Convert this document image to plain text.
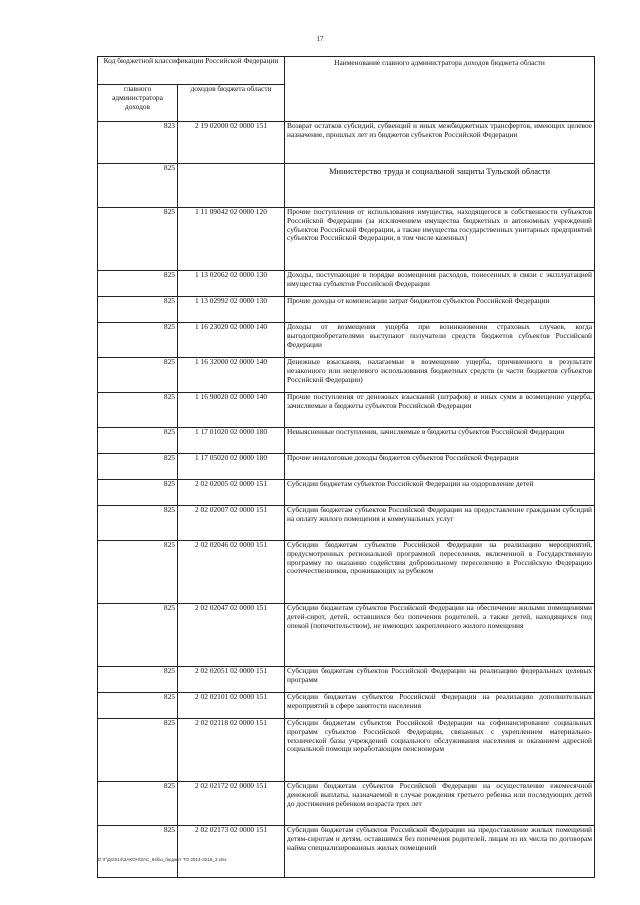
17
Код бюджетной классификации Российской Федерации		Наименование главного администратора доходов бюджета области
главного администратора доходов	доходов бюджета области	
823	2 19 02000 02 0000 151	Возврат остатков субсидий, субвенций и иных межбюджетных трансфертов, имеющих целевое назначение, прошлых лет из бюджетов субъектов Российской Федерации
825		Министерство труда и социальной защиты Тульской области
825	1 11 09042 02 0000 120	Прочие поступления от использования имущества, находящегося в собственности субъектов Российской Федерации (за исключением имущества бюджетных и автономных учреждений субъектов Российской Федерации, а также имущества государственных унитарных предприятий субъектов Российской Федерации, в том числе казенных)
825	1 13 02062 02 0000 130	Доходы, поступающие в порядке возмещения расходов, понесенных в связи с эксплуатацией имущества субъектов Российской Федерации
825	1 13 02992 02 0000 130	Прочие доходы от компенсации затрат бюджетов субъектов Российской Федерации
825	1 16 23020 02 0000 140	Доходы от возмещения ущерба при возникновении страховых случаев, когда выгодоприобретателями выступают получатели средств бюджетов субъектов Российской Федерации
825	1 16 32000 02 0000 140	Денежные взыскания, налагаемые в возмещение ущерба, причиненного в результате незаконного или нецелевого использования бюджетных средств (в части бюджетов субъектов Российской Федерации)
825	1 16 90020 02 0000 140	Прочие поступления от денежных взысканий (штрафов) и иных сумм в возмещение ущерба, зачисляемые в бюджеты субъектов Российской Федерации
825	1 17 01020 02 0000 180	Невыясненные поступления, зачисляемые в бюджеты субъектов Российской Федерации
825	1 17 05020 02 0000 180	Прочие неналоговые доходы бюджетов субъектов Российской Федерации
825	2 02 02005 02 0000 151	Субсидии бюджетам субъектов Российской Федерации на оздоровление детей
825	2 02 02007 02 0000 151	Субсидии бюджетам субъектов Российской Федерации на предоставление гражданам субсидий на оплату жилого помещения и коммунальных услуг
825	2 02 02046 02 0000 151	Субсидии бюджетам субъектов Российской Федерации на реализацию мероприятий, предусмотренных региональной программой переселения, включенной в Государственную программу по оказанию содействия добровольному переселению в Российскую Федерацию соотечественников, проживающих за рубежом
825	2 02 02047 02 0000 151	Субсидии бюджетам субъектов Российской Федерации на обеспечение жилыми помещениями детей-сирот, детей, оставшихся без попечения родителей, а также детей, находящихся под опекой (попечительством), не имеющих закрепленного жилого помещения
825	2 02 02051 02 0000 151	Субсидии бюджетам субъектов Российской Федерации на реализацию федеральных целевых программ
825	2 02 02101 02 0000 151	Субсидии бюджетам субъектов Российской Федерации на реализацию дополнительных мероприятий в сфере занятости населения
825	2 02 02118 02 0000 151	Субсидии бюджетам субъектов Российской Федерации на софинансирование социальных программ субъектов Российской Федерации, связанных с укреплением материально-технической базы учреждений социального обслуживания населения и оказанием адресной социальной помощи неработающим пенсионерам
825	2 02 02172 02 0000 151	Субсидии бюджетам субъектов Российской Федерации на осуществление ежемесячной денежной выплаты, назначаемой в случае рождения третьего ребенка или последующих детей до достижения ребенком возраста трех лет
825	2 02 02173 02 0000 151	Субсидии бюджетам субъектов Российской Федерации на предоставление жилых помещений детям-сиротам и детям, оставшимся без попечения родителей, лицам из их числа по договорам найма специализированных жилых помещений
D:\Г\Д\2014\ЗАКОН\ЗАС_64бы_бюджет ТО 2014-2016_3.xlsx
